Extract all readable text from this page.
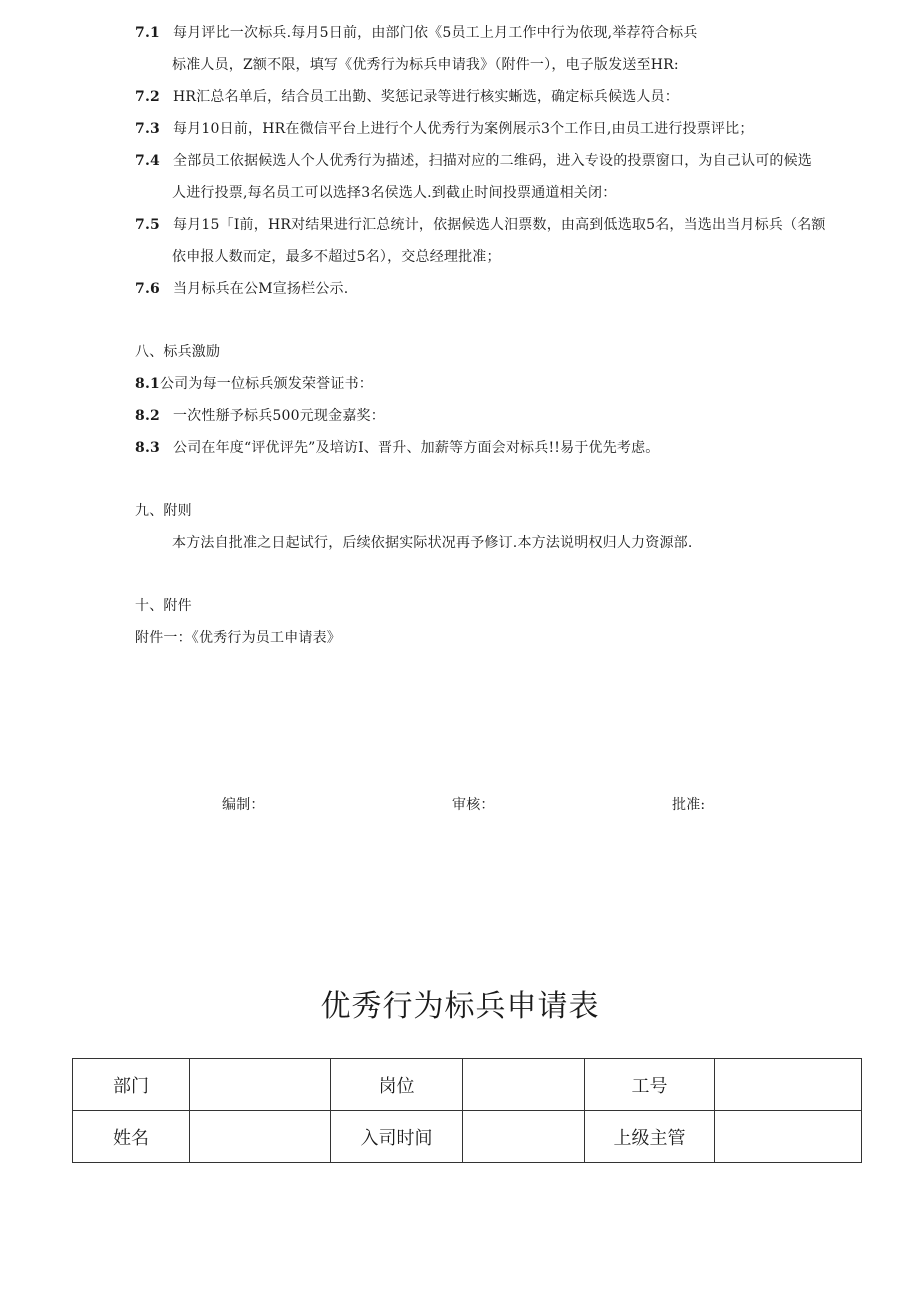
7.1 每月评比一次标兵.每月5日前，由部门依《5员工上月工作中行为依现,举荐符合标兵
标准人员，Z额不限，填写《优秀行为标兵申请我》（附件一），电子版发送至HR:
7.2 HR汇总名单后，结合员工出勤、奖惩记录等进行核实蜥选，确定标兵候选人员：
7.3 每月10日前，HR在微信平台上进行个人优秀行为案例展示3个工作日,由员工进行投票评比；
7.4 全部员工依据候选人个人优秀行为描述，扫描对应的二维码，进入专设的投票窗口，为自己认可的候选
人进行投票,每名员工可以选择3名侯选人.到截止时间投票通道相关闭：
7.5 每月15「I前，HR对结果进行汇总统计，依据候选人汨票数，由高到低选取5名，当选出当月标兵（名额
依申报人数而定，最多不超过5名），交总经理批准；
7.6 当月标兵在公M宣扬栏公示.
八、标兵激励
8.1公司为每一位标兵颁发荣誉证书：
8.2 一次性掰予标兵500元现金嘉奖：
8.3 公司在年度“评优评先”及培访I、晋升、加薪等方面会对标兵!!易于优先考虑。
九、附则
本方法自批准之日起试行，后续依据实际状况再予修订.本方法说明权归人力资源部.
十、附件
附件一：《优秀行为员工申请表》
编制：	审核：	批准:
优秀行为标兵申请表
部门		岗位		工号	
姓名		入司时间		上级主管	
